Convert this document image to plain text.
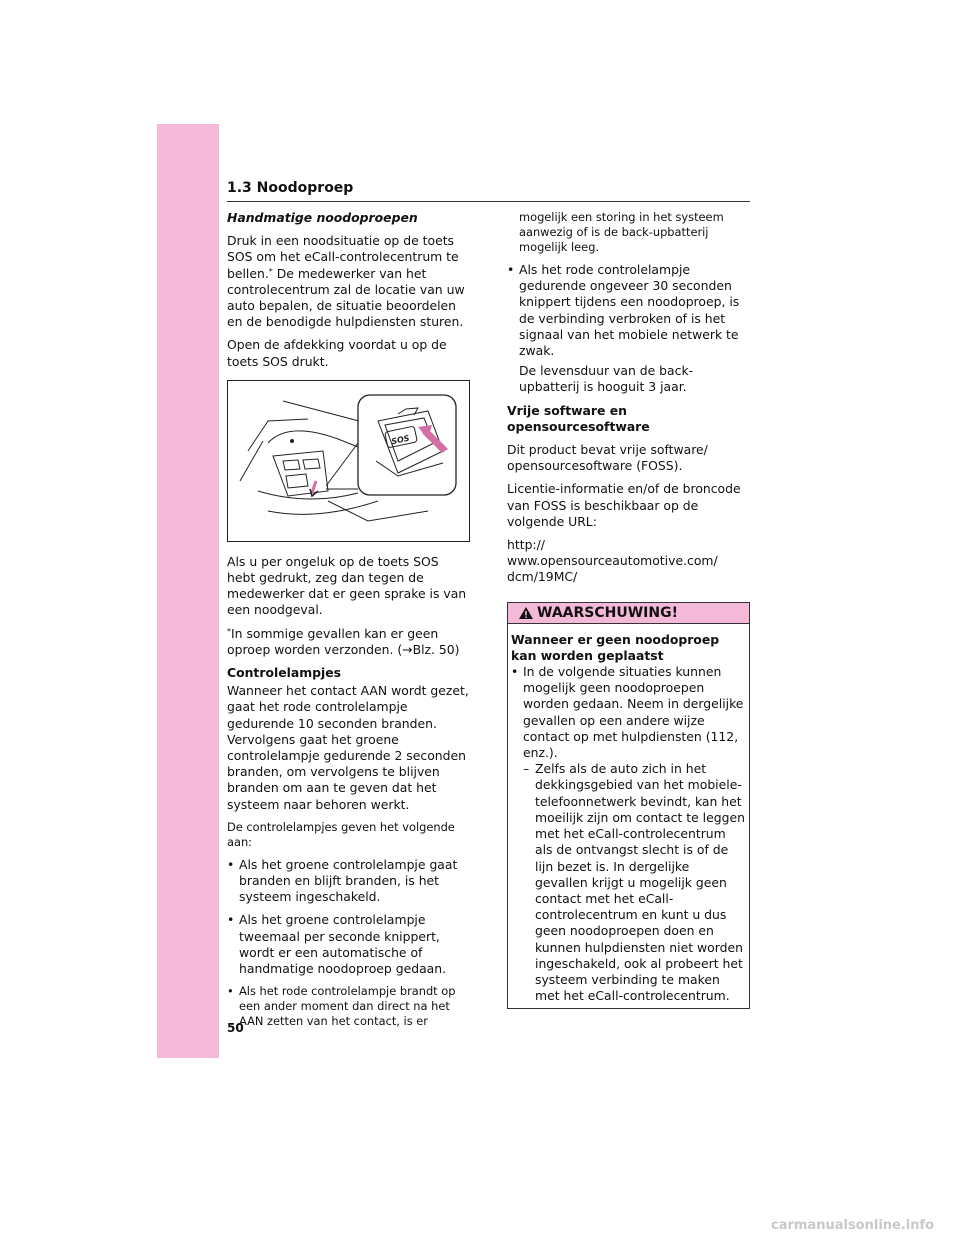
1.3 Noodoproep

Handmatige noodoproepen

Druk in een noodsituatie op de toets SOS om het eCall-controlecentrum te bellen.* De medewerker van het controlecentrum zal de locatie van uw auto bepalen, de situatie beoordelen en de benodigde hulpdiensten sturen.

Open de afdekking voordat u op de toets SOS drukt.

SOS

Als u per ongeluk op de toets SOS hebt gedrukt, zeg dan tegen de medewerker dat er geen sprake is van een noodgeval.

*In sommige gevallen kan er geen oproep worden verzonden. (→Blz. 50)

Controlelampjes

Wanneer het contact AAN wordt gezet, gaat het rode controlelampje gedurende 10 seconden branden. Vervolgens gaat het groene controlelampje gedurende 2 seconden branden, om vervolgens te blijven branden om aan te geven dat het systeem naar behoren werkt.

De controlelampjes geven het volgende aan:

• Als het groene controlelampje gaat branden en blijft branden, is het systeem ingeschakeld.
• Als het groene controlelampje tweemaal per seconde knippert, wordt er een automatische of handmatige noodoproep gedaan.
• Als het rode controlelampje brandt op een ander moment dan direct na het AAN zetten van het contact, is er

mogelijk een storing in het systeem aanwezig of is de back-upbatterij mogelijk leeg.

• Als het rode controlelampje gedurende ongeveer 30 seconden knippert tijdens een noodoproep, is de verbinding verbroken of is het signaal van het mobiele netwerk te zwak.

De levensduur van de back-upbatterij is hooguit 3 jaar.

Vrije software en opensourcesoftware

Dit product bevat vrije software/ opensourcesoftware (FOSS).

Licentie-informatie en/of de broncode van FOSS is beschikbaar op de volgende URL:

http://
www.opensourceautomotive.com/
dcm/19MC/

WAARSCHUWING!
Wanneer er geen noodoproep kan worden geplaatst
• In de volgende situaties kunnen mogelijk geen noodoproepen worden gedaan. Neem in dergelijke gevallen op een andere wijze contact op met hulpdiensten (112, enz.).
– Zelfs als de auto zich in het dekkingsgebied van het mobiele-telefoonnetwerk bevindt, kan het moeilijk zijn om contact te leggen met het eCall-controlecentrum als de ontvangst slecht is of de lijn bezet is. In dergelijke gevallen krijgt u mogelijk geen contact met het eCall-controlecentrum en kunt u dus geen noodoproepen doen en kunnen hulpdiensten niet worden ingeschakeld, ook al probeert het systeem verbinding te maken met het eCall-controlecentrum.
50
carmanualsonline.info
